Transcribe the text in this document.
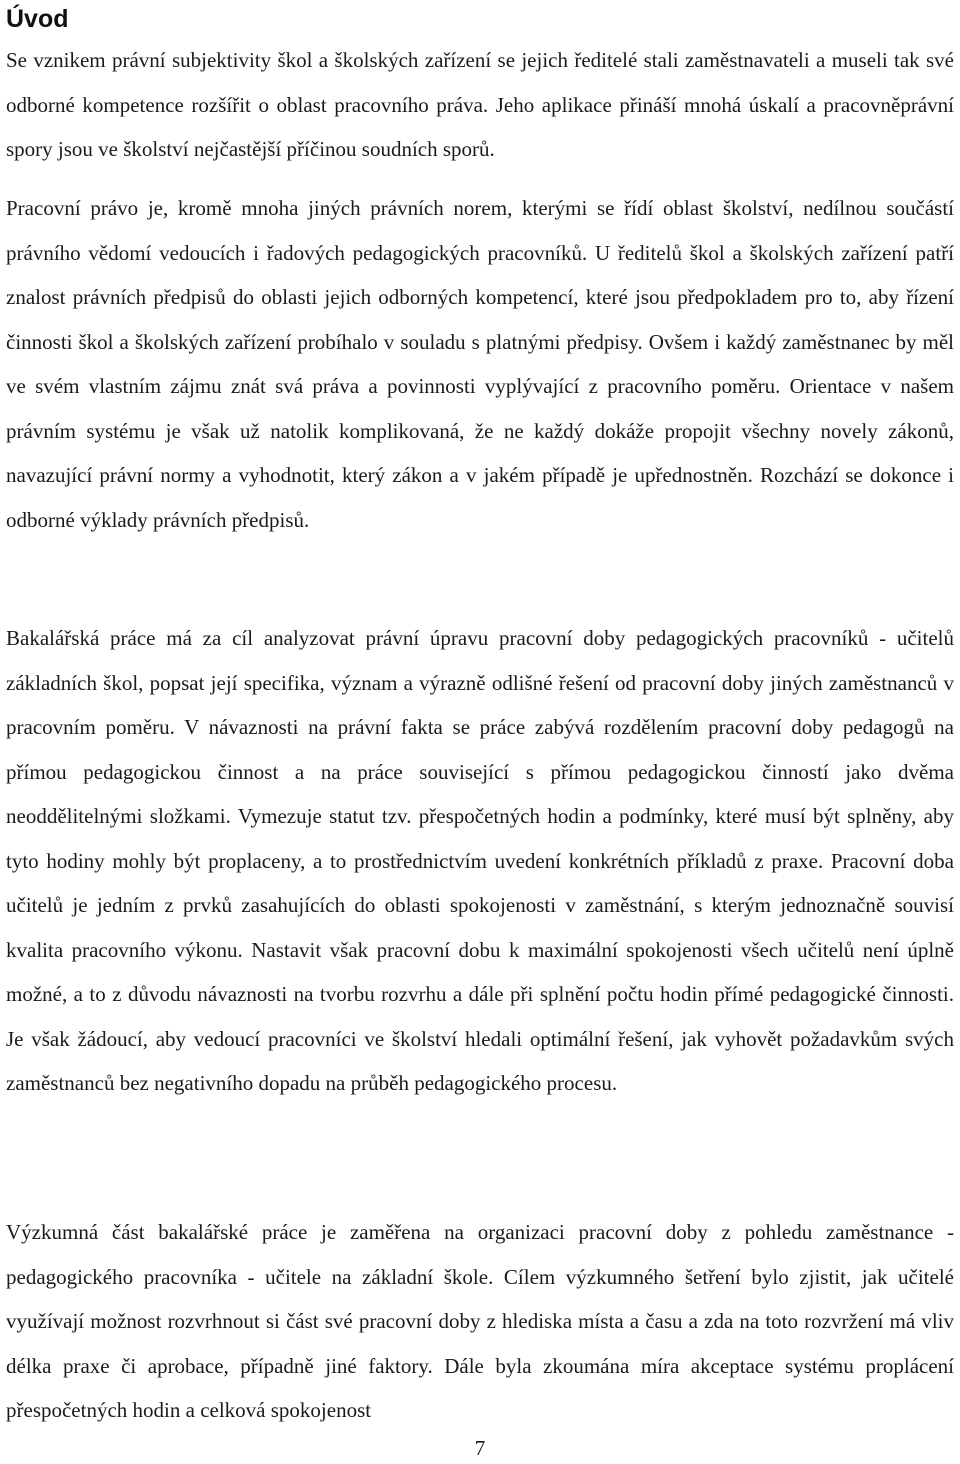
Úvod

Se vznikem právní subjektivity škol a školských zařízení se jejich ředitelé stali zaměstnavateli a museli tak své odborné kompetence rozšířit o oblast pracovního práva. Jeho aplikace přináší mnohá úskalí a pracovněprávní spory jsou ve školství nejčastější příčinou soudních sporů.

Pracovní právo je, kromě mnoha jiných právních norem, kterými se řídí oblast školství, nedílnou součástí právního vědomí vedoucích i řadových pedagogických pracovníků. U ředitelů škol a školských zařízení patří znalost právních předpisů do oblasti jejich odborných kompetencí, které jsou předpokladem pro to, aby řízení činnosti škol a školských zařízení probíhalo v souladu s platnými předpisy. Ovšem i každý zaměstnanec by měl ve svém vlastním zájmu znát svá práva a povinnosti vyplývající z pracovního poměru. Orientace v našem právním systému je však už natolik komplikovaná, že ne každý dokáže propojit všechny novely zákonů, navazující právní normy a vyhodnotit, který zákon a v jakém případě je upřednostněn. Rozchází se dokonce i odborné výklady právních předpisů.

Bakalářská práce má za cíl analyzovat právní úpravu pracovní doby pedagogických pracovníků - učitelů základních škol, popsat její specifika, význam a výrazně odlišné řešení od pracovní doby jiných zaměstnanců v pracovním poměru. V návaznosti na právní fakta se práce zabývá rozdělením pracovní doby pedagogů na přímou pedagogickou činnost a na práce související s přímou pedagogickou činností jako dvěma neoddělitelnými složkami. Vymezuje statut tzv. přespočetných hodin a podmínky, které musí být splněny, aby tyto hodiny mohly být proplaceny, a to prostřednictvím uvedení konkrétních příkladů z praxe. Pracovní doba učitelů je jedním z prvků zasahujících do oblasti spokojenosti v zaměstnání, s kterým jednoznačně souvisí kvalita pracovního výkonu. Nastavit však pracovní dobu k maximální spokojenosti všech učitelů není úplně možné, a to z důvodu návaznosti na tvorbu rozvrhu a dále při splnění počtu hodin přímé pedagogické činnosti. Je však žádoucí, aby vedoucí pracovníci ve školství hledali optimální řešení, jak vyhovět požadavkům svých zaměstnanců bez negativního dopadu na průběh pedagogického procesu.

Výzkumná část bakalářské práce je zaměřena na organizaci pracovní doby z pohledu zaměstnance - pedagogického pracovníka - učitele na základní škole. Cílem výzkumného šetření bylo zjistit, jak učitelé využívají možnost rozvrhnout si část své pracovní doby z hlediska místa a času a zda na toto rozvržení má vliv délka praxe či aprobace, případně jiné faktory. Dále byla zkoumána míra akceptace systému proplácení přespočetných hodin a celková spokojenost

7
